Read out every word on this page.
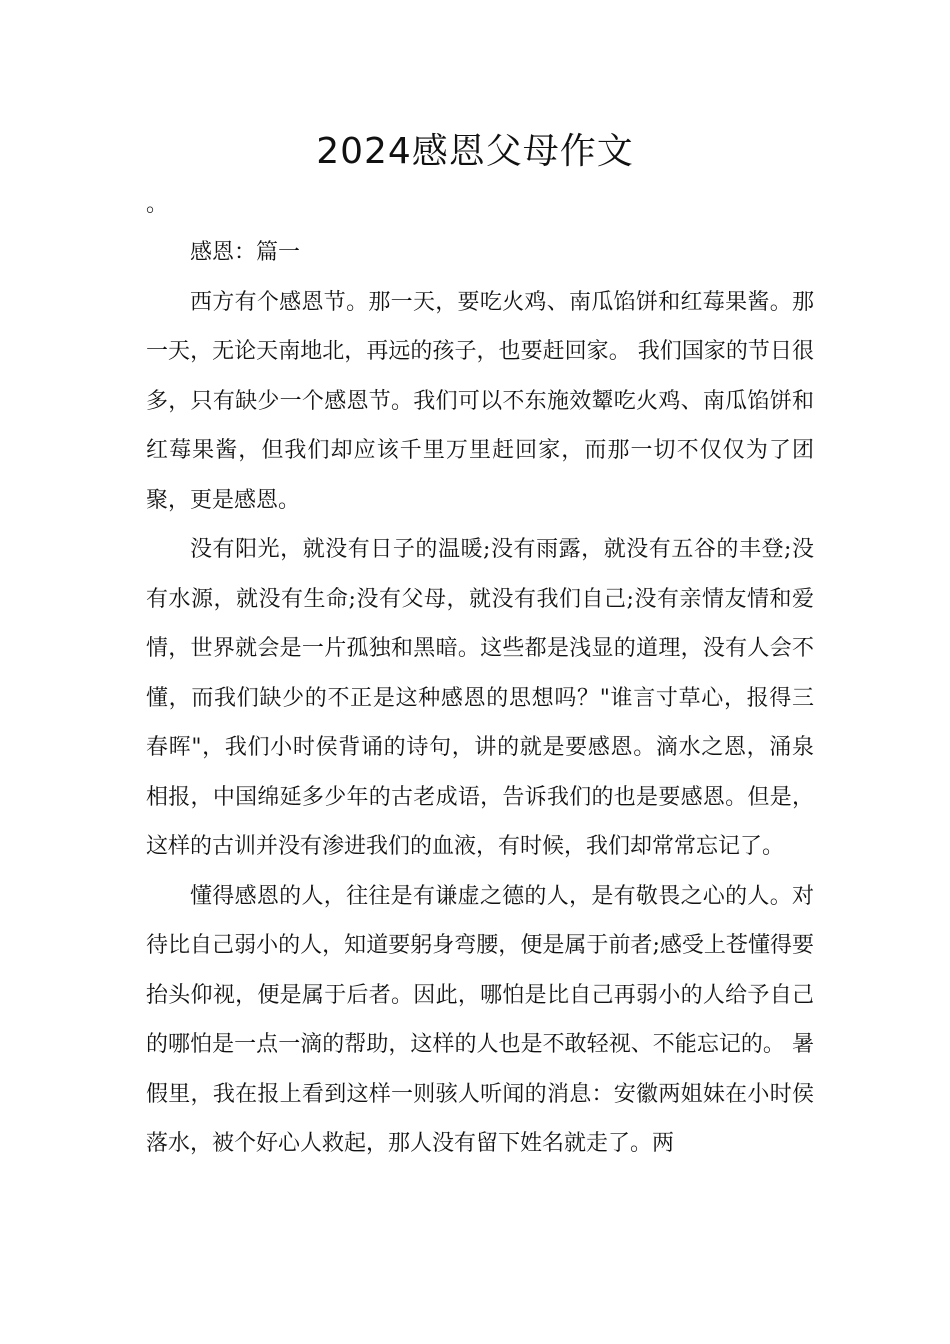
2024感恩父母作文
。

感恩：篇一

西方有个感恩节。那一天，要吃火鸡、南瓜馅饼和红莓果酱。那一天，无论天南地北，再远的孩子，也要赶回家。 我们国家的节日很多，只有缺少一个感恩节。我们可以不东施效颦吃火鸡、南瓜馅饼和红莓果酱，但我们却应该千里万里赶回家，而那一切不仅仅为了团聚，更是感恩。

没有阳光，就没有日子的温暖;没有雨露，就没有五谷的丰登;没有水源，就没有生命;没有父母，就没有我们自己;没有亲情友情和爱情，世界就会是一片孤独和黑暗。这些都是浅显的道理，没有人会不懂，而我们缺少的不正是这种感恩的思想吗？"谁言寸草心，报得三春晖"，我们小时侯背诵的诗句，讲的就是要感恩。滴水之恩，涌泉相报，中国绵延多少年的古老成语，告诉我们的也是要感恩。但是，这样的古训并没有渗进我们的血液，有时候，我们却常常忘记了。

懂得感恩的人，往往是有谦虚之德的人，是有敬畏之心的人。对待比自己弱小的人，知道要躬身弯腰，便是属于前者;感受上苍懂得要抬头仰视，便是属于后者。因此，哪怕是比自己再弱小的人给予自己的哪怕是一点一滴的帮助，这样的人也是不敢轻视、不能忘记的。 暑假里，我在报上看到这样一则骇人听闻的消息：安徽两姐妹在小时侯落水，被个好心人救起，那人没有留下姓名就走了。两
